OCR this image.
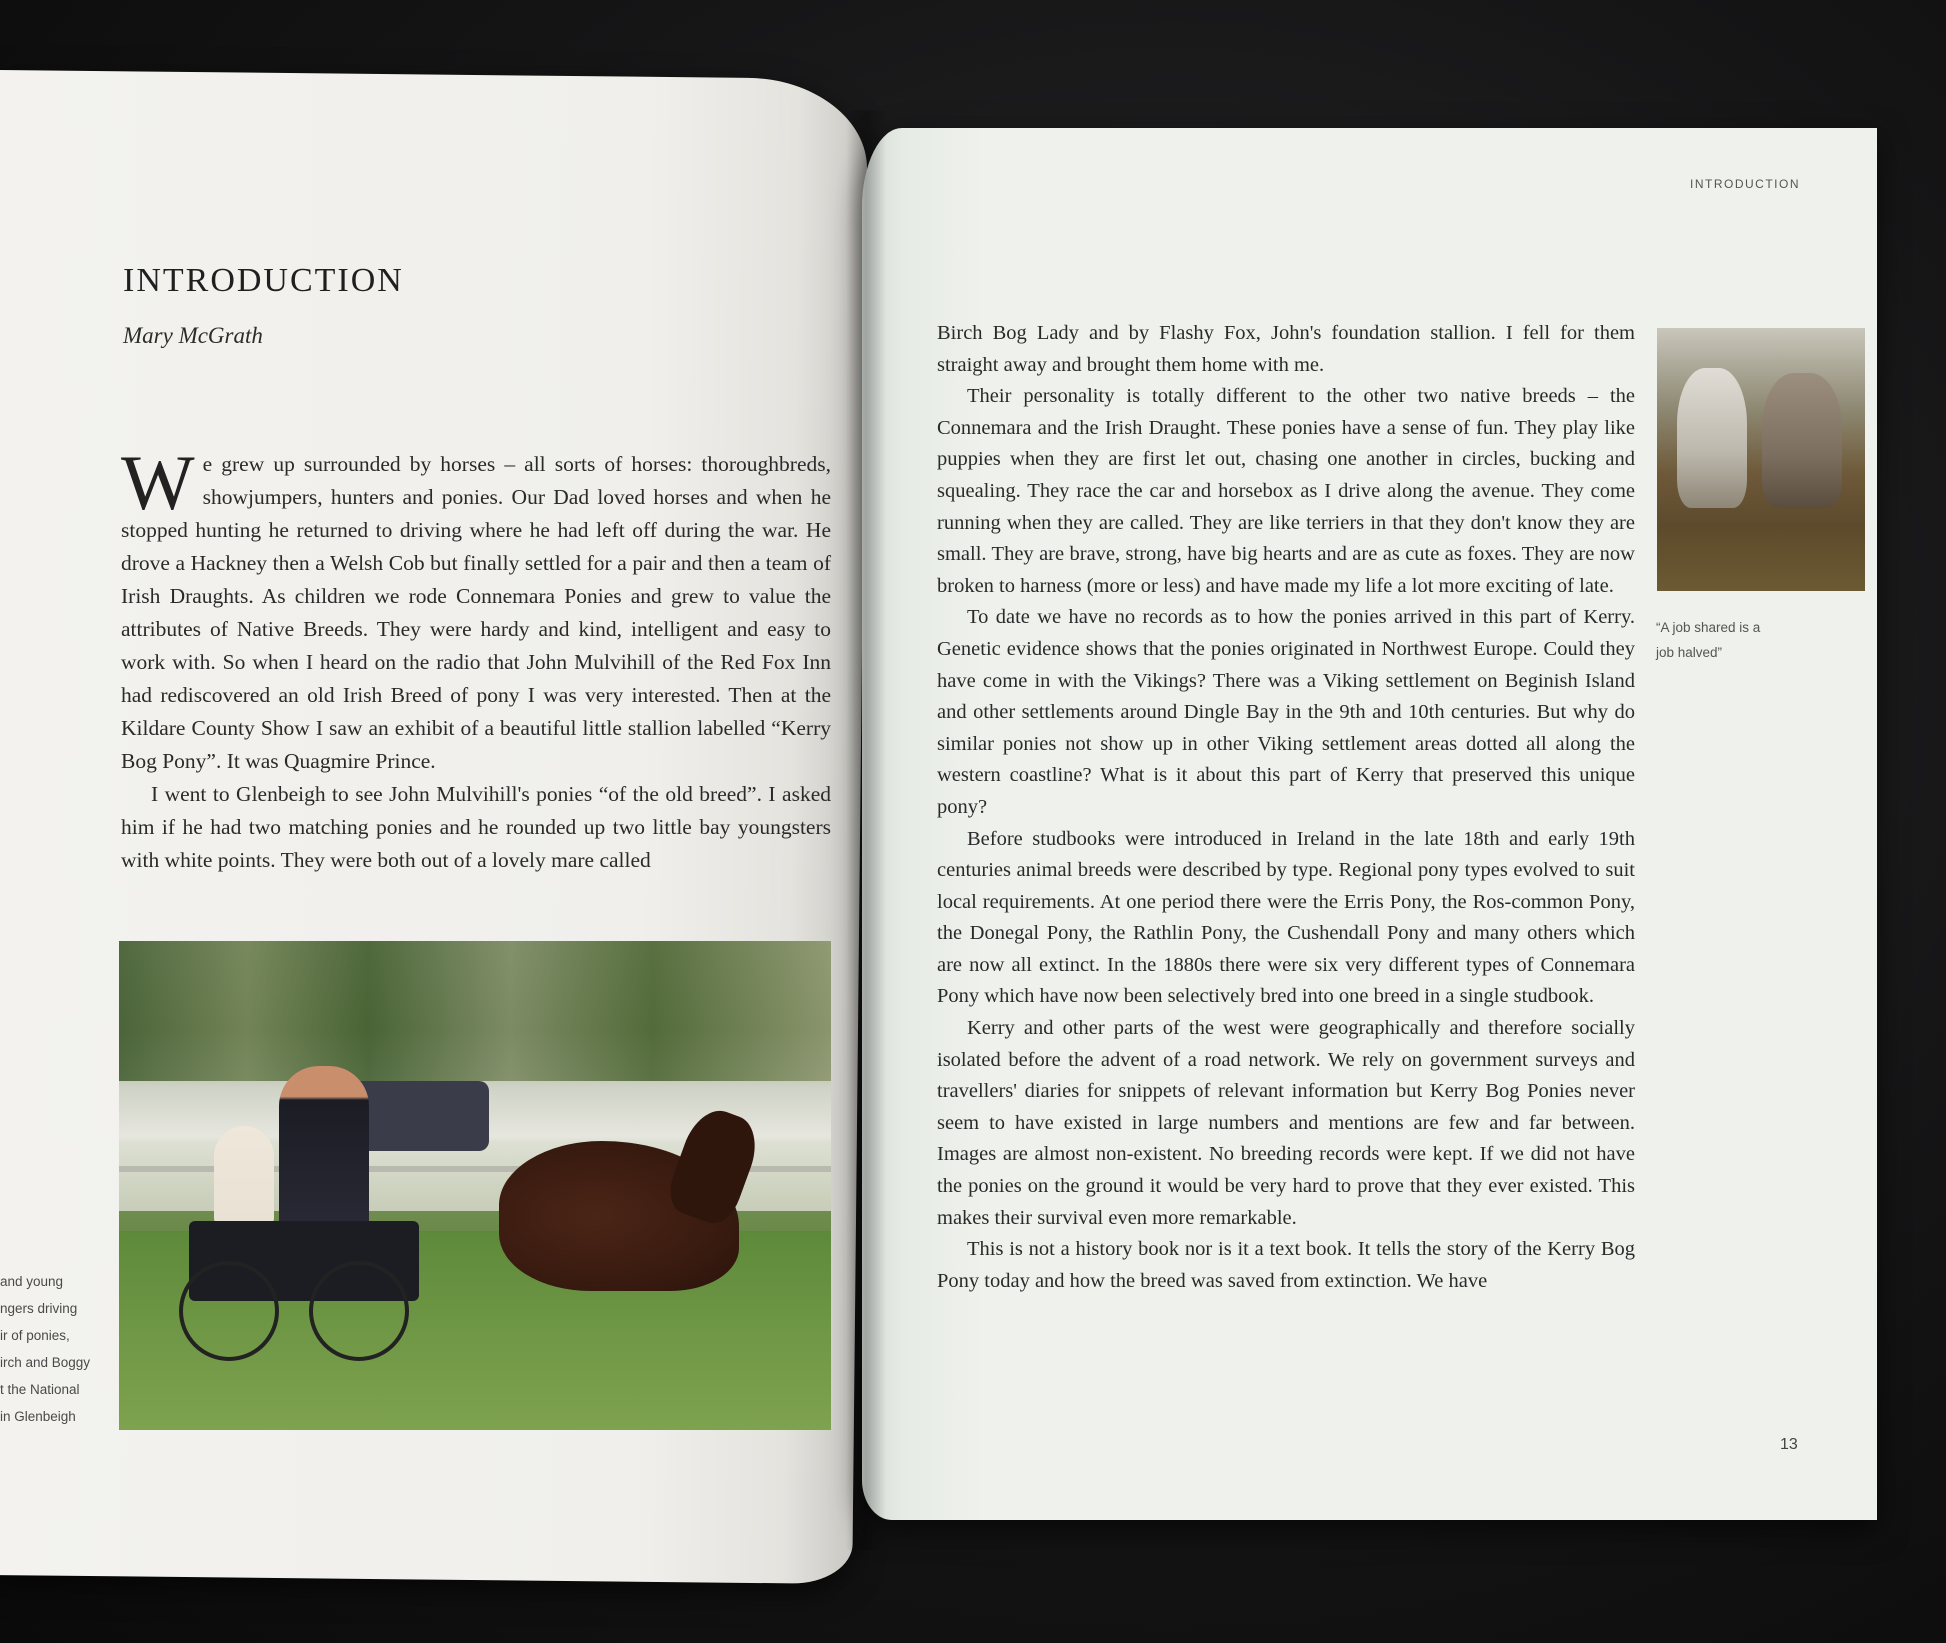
INTRODUCTION
Mary McGrath

We grew up surrounded by horses – all sorts of horses: thoroughbreds, showjumpers, hunters and ponies. Our Dad loved horses and when he stopped hunting he returned to driving where he had left off during the war. He drove a Hackney then a Welsh Cob but finally settled for a pair and then a team of Irish Draughts. As children we rode Connemara Ponies and grew to value the attributes of Native Breeds. They were hardy and kind, intelligent and easy to work with. So when I heard on the radio that John Mulvihill of the Red Fox Inn had rediscovered an old Irish Breed of pony I was very interested. Then at the Kildare County Show I saw an exhibit of a beautiful little stallion labelled “Kerry Bog Pony”. It was Quagmire Prince.

I went to Glenbeigh to see John Mulvihill's ponies “of the old breed”. I asked him if he had two matching ponies and he rounded up two little bay youngsters with white points. They were both out of a lovely mare called

and young
ngers driving
ir of ponies,
irch and Boggy
t the National
in Glenbeigh
INTRODUCTION

Birch Bog Lady and by Flashy Fox, John's foundation stallion. I fell for them straight away and brought them home with me.

Their personality is totally different to the other two native breeds – the Connemara and the Irish Draught. These ponies have a sense of fun. They play like puppies when they are first let out, chasing one another in circles, bucking and squealing. They race the car and horsebox as I drive along the avenue. They come running when they are called. They are like terriers in that they don't know they are small. They are brave, strong, have big hearts and are as cute as foxes. They are now broken to harness (more or less) and have made my life a lot more exciting of late.

To date we have no records as to how the ponies arrived in this part of Kerry. Genetic evidence shows that the ponies originated in Northwest Europe. Could they have come in with the Vikings? There was a Viking settlement on Beginish Island and other settlements around Dingle Bay in the 9th and 10th centuries. But why do similar ponies not show up in other Viking settlement areas dotted all along the western coastline? What is it about this part of Kerry that preserved this unique pony?

Before studbooks were introduced in Ireland in the late 18th and early 19th centuries animal breeds were described by type. Regional pony types evolved to suit local requirements. At one period there were the Erris Pony, the Ros-common Pony, the Donegal Pony, the Rathlin Pony, the Cushendall Pony and many others which are now all extinct. In the 1880s there were six very different types of Connemara Pony which have now been selectively bred into one breed in a single studbook.

Kerry and other parts of the west were geographically and therefore socially isolated before the advent of a road network. We rely on government surveys and travellers' diaries for snippets of relevant information but Kerry Bog Ponies never seem to have existed in large numbers and mentions are few and far between. Images are almost non-existent. No breeding records were kept. If we did not have the ponies on the ground it would be very hard to prove that they ever existed. This makes their survival even more remarkable.

This is not a history book nor is it a text book. It tells the story of the Kerry Bog Pony today and how the breed was saved from extinction. We have

“A job shared is a job halved”
13
